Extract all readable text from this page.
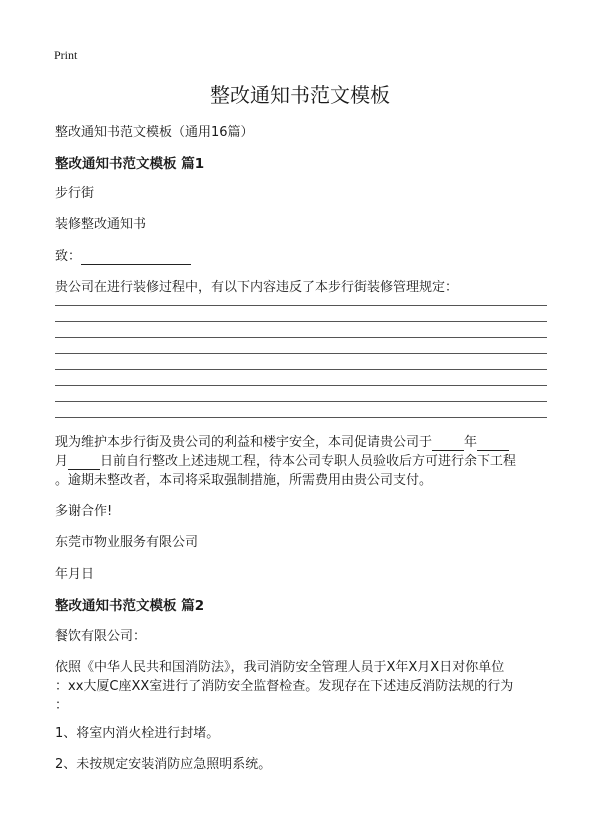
Print
整改通知书范文模板
整改通知书范文模板（通用16篇）
整改通知书范文模板 篇1
步行街
装修整改通知书
致：
贵公司在进行装修过程中，有以下内容违反了本步行街装修管理规定：
现为维护本步行街及贵公司的利益和楼宇安全，本司促请贵公司于 年
月 日前自行整改上述违规工程，待本公司专职人员验收后方可进行余下工程
。逾期未整改者，本司将采取强制措施，所需费用由贵公司支付。
多谢合作!
东莞市物业服务有限公司
年月日
整改通知书范文模板 篇2
餐饮有限公司：
依照《中华人民共和国消防法》，我司消防安全管理人员于X年X月X日对你单位
：xx大厦C座XX室进行了消防安全监督检查。发现存在下述违反消防法规的行为
：
1、将室内消火栓进行封堵。
2、未按规定安装消防应急照明系统。
